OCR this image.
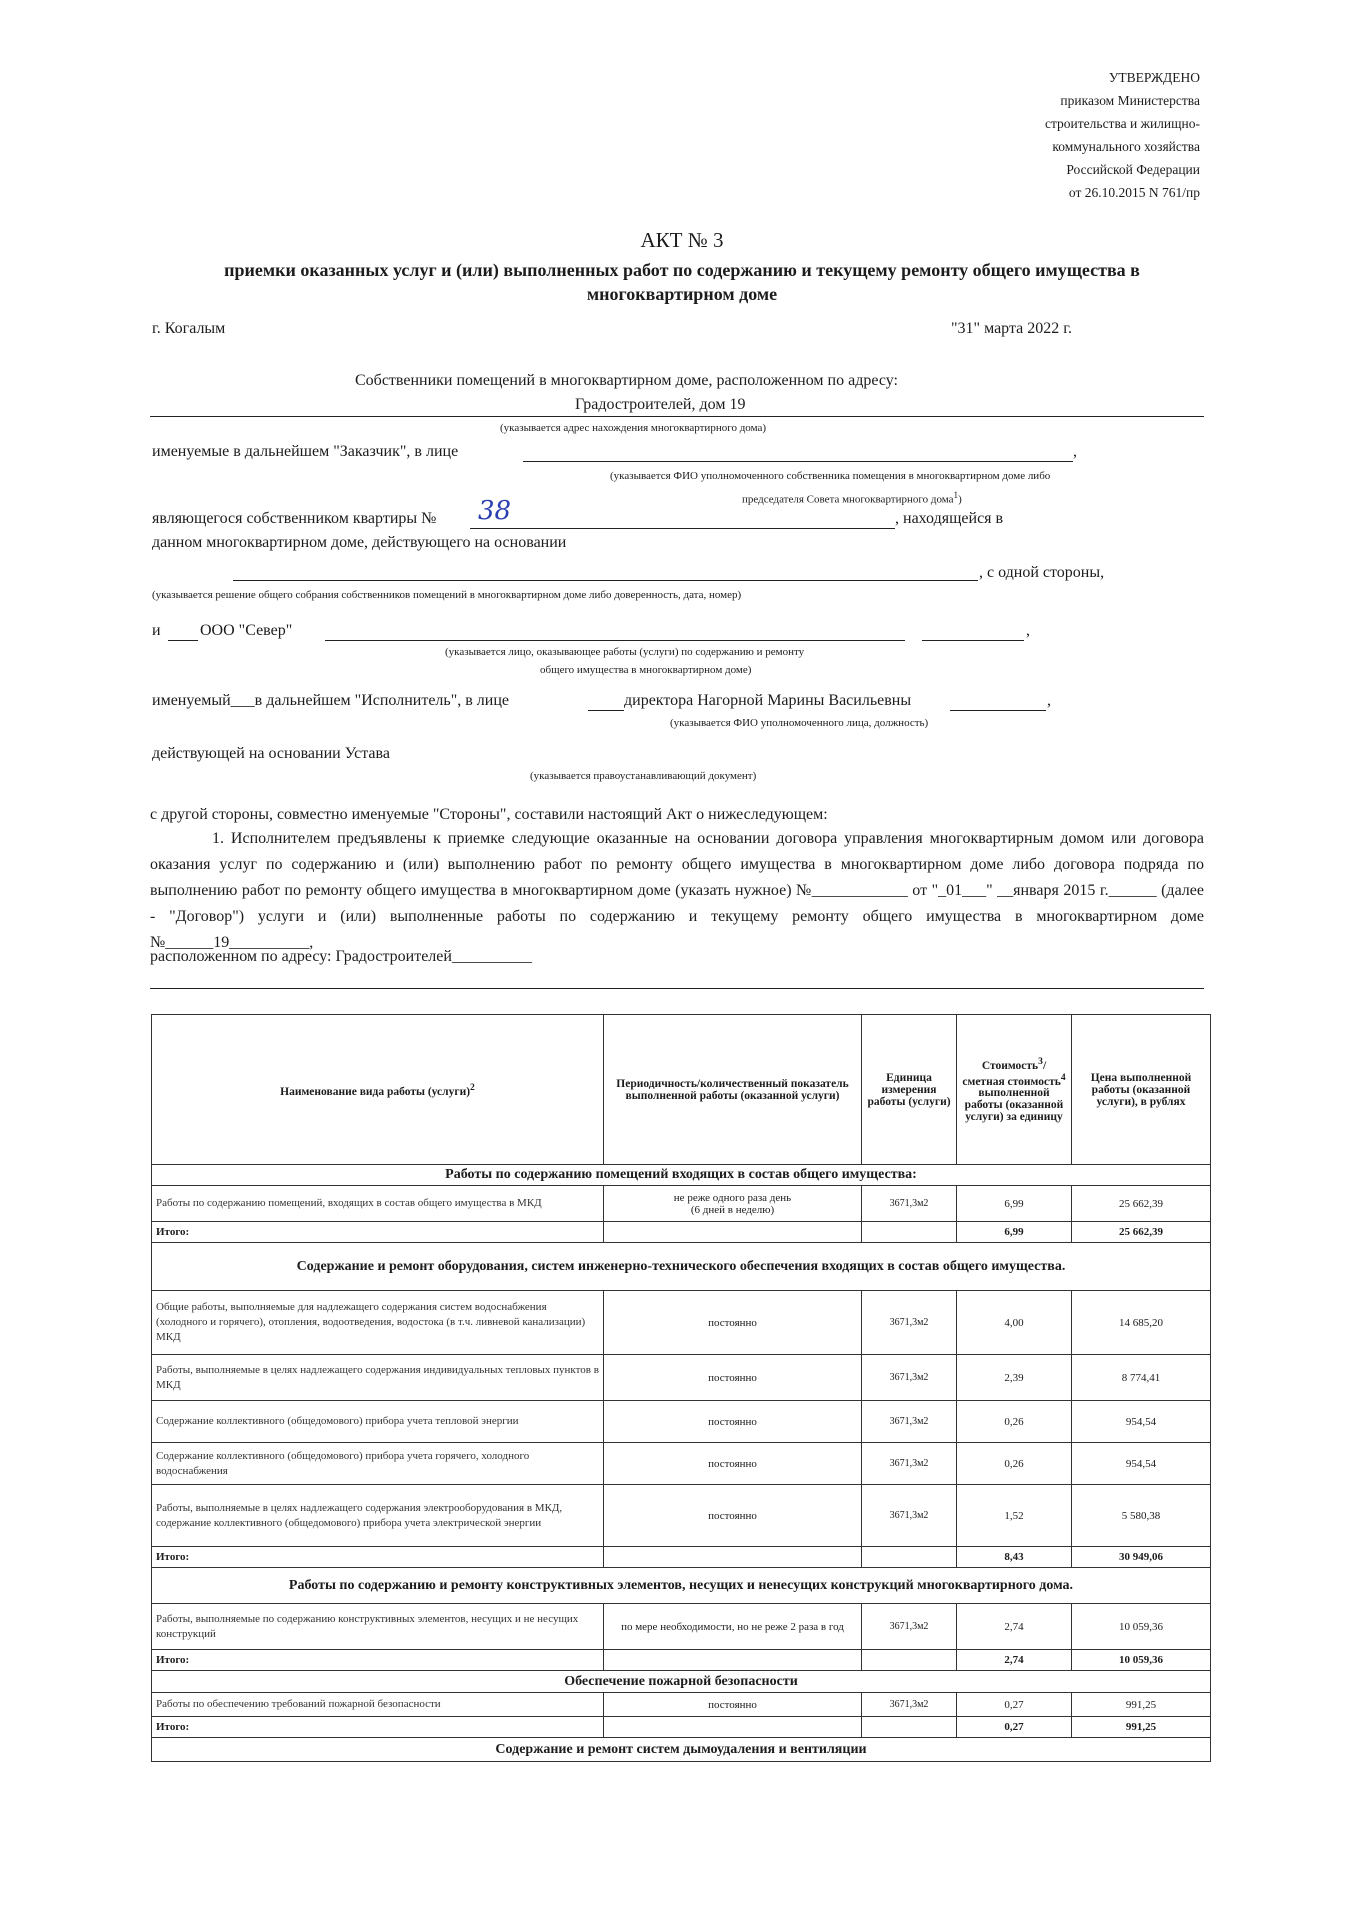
УТВЕРЖДЕНО
приказом Министерства
строительства и жилищно-
коммунального хозяйства
Российской Федерации
от 26.10.2015 N 761/пр
АКТ № 3
приемки оказанных услуг и (или) выполненных работ по содержанию и текущему ремонту общего имущества в многоквартирном доме
г. Когалым	"31" марта 2022 г.
Собственники помещений в многоквартирном доме, расположенном по адресу:
Градостроителей, дом 19
(указывается адрес нахождения многоквартирного дома)
именуемые в дальнейшем "Заказчик", в лице	,
(указывается ФИО уполномоченного собственника помещения в многоквартирном доме либо
председателя Совета многоквартирного дома$^1$)
являющегося собственником квартиры № 38	, находящейся в
данном многоквартирном доме, действующего на основании
, с одной стороны,
(указывается решение общего собрания собственников помещений в многоквартирном доме либо доверенность, дата, номер)
и ООО "Север"	,
(указывается лицо, оказывающее работы (услуги) по содержанию и ремонту
общего имущества в многоквартирном доме)
именуемый___в дальнейшем "Исполнитель", в лице	директора Нагорной Марины Васильевны	,
(указывается ФИО уполномоченного лица, должность)
действующей на основании Устава
(указывается правоустанавливающий документ)
с другой стороны, совместно именуемые "Стороны", составили настоящий Акт о нижеследующем:
1. Исполнителем предъявлены к приемке следующие оказанные на основании договора управления многоквартирным домом или договора оказания услуг по содержанию и (или) выполнению работ по ремонту общего имущества в многоквартирном доме либо договора подряда по выполнению работ по ремонту общего имущества в многоквартирном доме (указать нужное) №____________ от "_01___" __января 2015 г.______ (далее - "Договор") услуги и (или) выполненные работы по содержанию и текущему ремонту общего имущества в многоквартирном доме №______19__________,
расположенном по адресу: Градостроителей__________
Наименование вида работы (услуги)$^2$	Периодичность/количественный показатель выполненной работы (оказанной услуги)	Единица измерения работы (услуги)	Стоимость$^3$/сметная стоимость$^4$ выполненной работы (оказанной услуги) за единицу	Цена выполненной работы (оказанной услуги), в рублях
Работы по содержанию помещений входящих в состав общего имущества:				
Работы по содержанию помещений, входящих в состав общего имущества в МКД	не реже одного раза день
(6 дней в неделю)	3671,3м2	6,99	25 662,39
Итого:			6,99	25 662,39
Содержание и ремонт оборудования, систем инженерно-технического обеспечения входящих в состав общего имущества.				
Общие работы, выполняемые для надлежащего содержания систем водоснабжения (холодного и горячего), отопления, водоотведения, водостока (в т.ч. ливневой канализации) МКД	постоянно	3671,3м2	4,00	14 685,20
Работы, выполняемые в целях надлежащего содержания индивидуальных тепловых пунктов в МКД	постоянно	3671,3м2	2,39	8 774,41
Содержание коллективного (общедомового) прибора учета тепловой энергии	постоянно	3671,3м2	0,26	954,54
Содержание коллективного (общедомового) прибора учета горячего, холодного водоснабжения	постоянно	3671,3м2	0,26	954,54
Работы, выполняемые в целях надлежащего содержания электрооборудования в МКД, содержание коллективного (общедомового) прибора учета электрической энергии	постоянно	3671,3м2	1,52	5 580,38
Итого:			8,43	30 949,06
Работы по содержанию и ремонту конструктивных элементов, несущих и ненесущих конструкций многоквартирного дома.				
Работы, выполняемые по содержанию конструктивных элементов, несущих и не несущих конструкций	по мере необходимости, но не реже 2 раза в год	3671,3м2	2,74	10 059,36
Итого:			2,74	10 059,36
Обеспечение пожарной безопасности				
Работы по обеспечению требований пожарной безопасности	постоянно	3671,3м2	0,27	991,25
Итого:			0,27	991,25
Содержание и ремонт систем дымоудаления и вентиляции				
